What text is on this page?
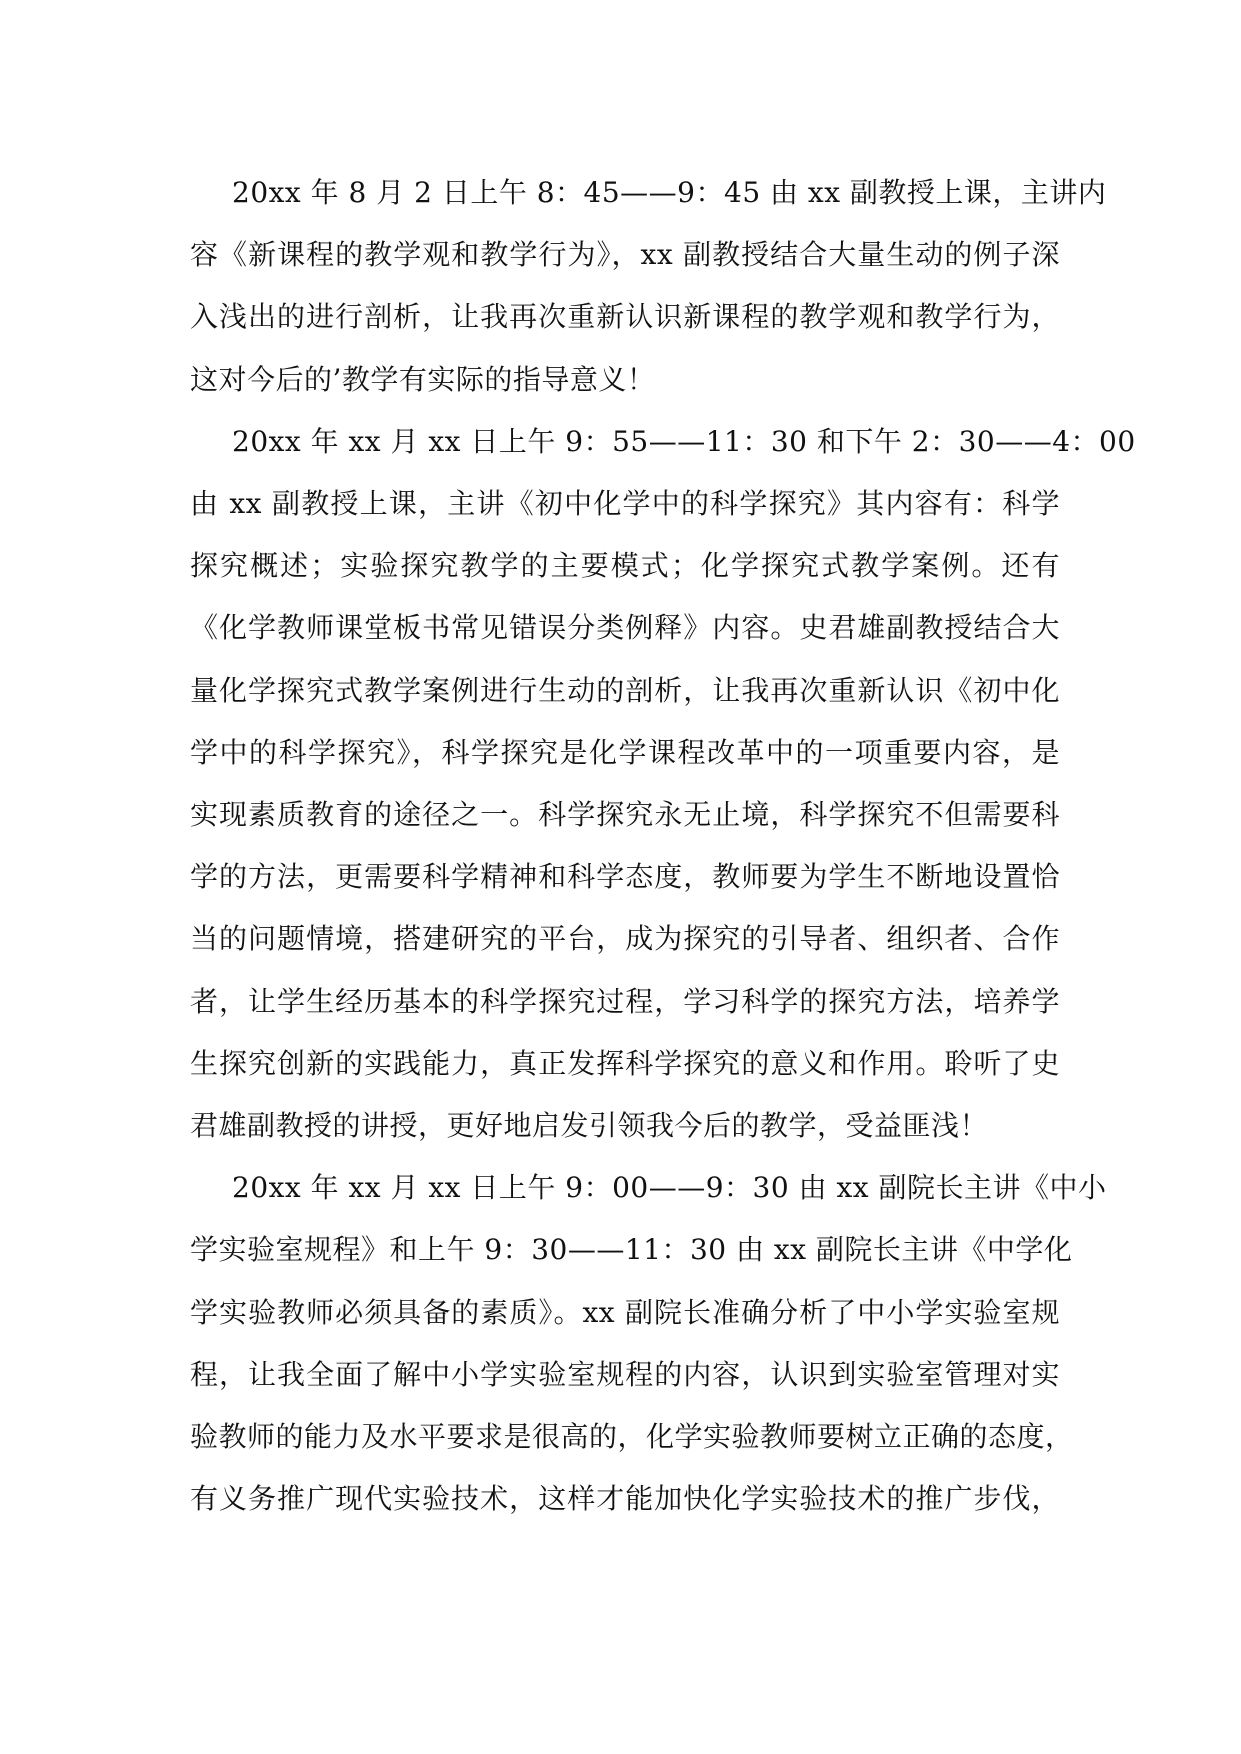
20xx 年 8 月 2 日上午 8：45——9：45 由 xx 副教授上课，主讲内
容《新课程的教学观和教学行为》，xx 副教授结合大量生动的例子深
入浅出的进行剖析，让我再次重新认识新课程的教学观和教学行为，
这对今后的’教学有实际的指导意义！

20xx 年 xx 月 xx 日上午 9：55——11：30 和下午 2：30——4：00
由 xx 副教授上课，主讲《初中化学中的科学探究》其内容有：科学
探究概述；实验探究教学的主要模式；化学探究式教学案例。还有
《化学教师课堂板书常见错误分类例释》内容。史君雄副教授结合大
量化学探究式教学案例进行生动的剖析，让我再次重新认识《初中化
学中的科学探究》，科学探究是化学课程改革中的一项重要内容，是
实现素质教育的途径之一。科学探究永无止境，科学探究不但需要科
学的方法，更需要科学精神和科学态度，教师要为学生不断地设置恰
当的问题情境，搭建研究的平台，成为探究的引导者、组织者、合作
者，让学生经历基本的科学探究过程，学习科学的探究方法，培养学
生探究创新的实践能力，真正发挥科学探究的意义和作用。聆听了史
君雄副教授的讲授，更好地启发引领我今后的教学，受益匪浅！

20xx 年 xx 月 xx 日上午 9：00——9：30 由 xx 副院长主讲《中小
学实验室规程》和上午 9：30——11：30 由 xx 副院长主讲《中学化
学实验教师必须具备的素质》。xx 副院长准确分析了中小学实验室规
程，让我全面了解中小学实验室规程的内容，认识到实验室管理对实
验教师的能力及水平要求是很高的，化学实验教师要树立正确的态度，
有义务推广现代实验技术，这样才能加快化学实验技术的推广步伐，
